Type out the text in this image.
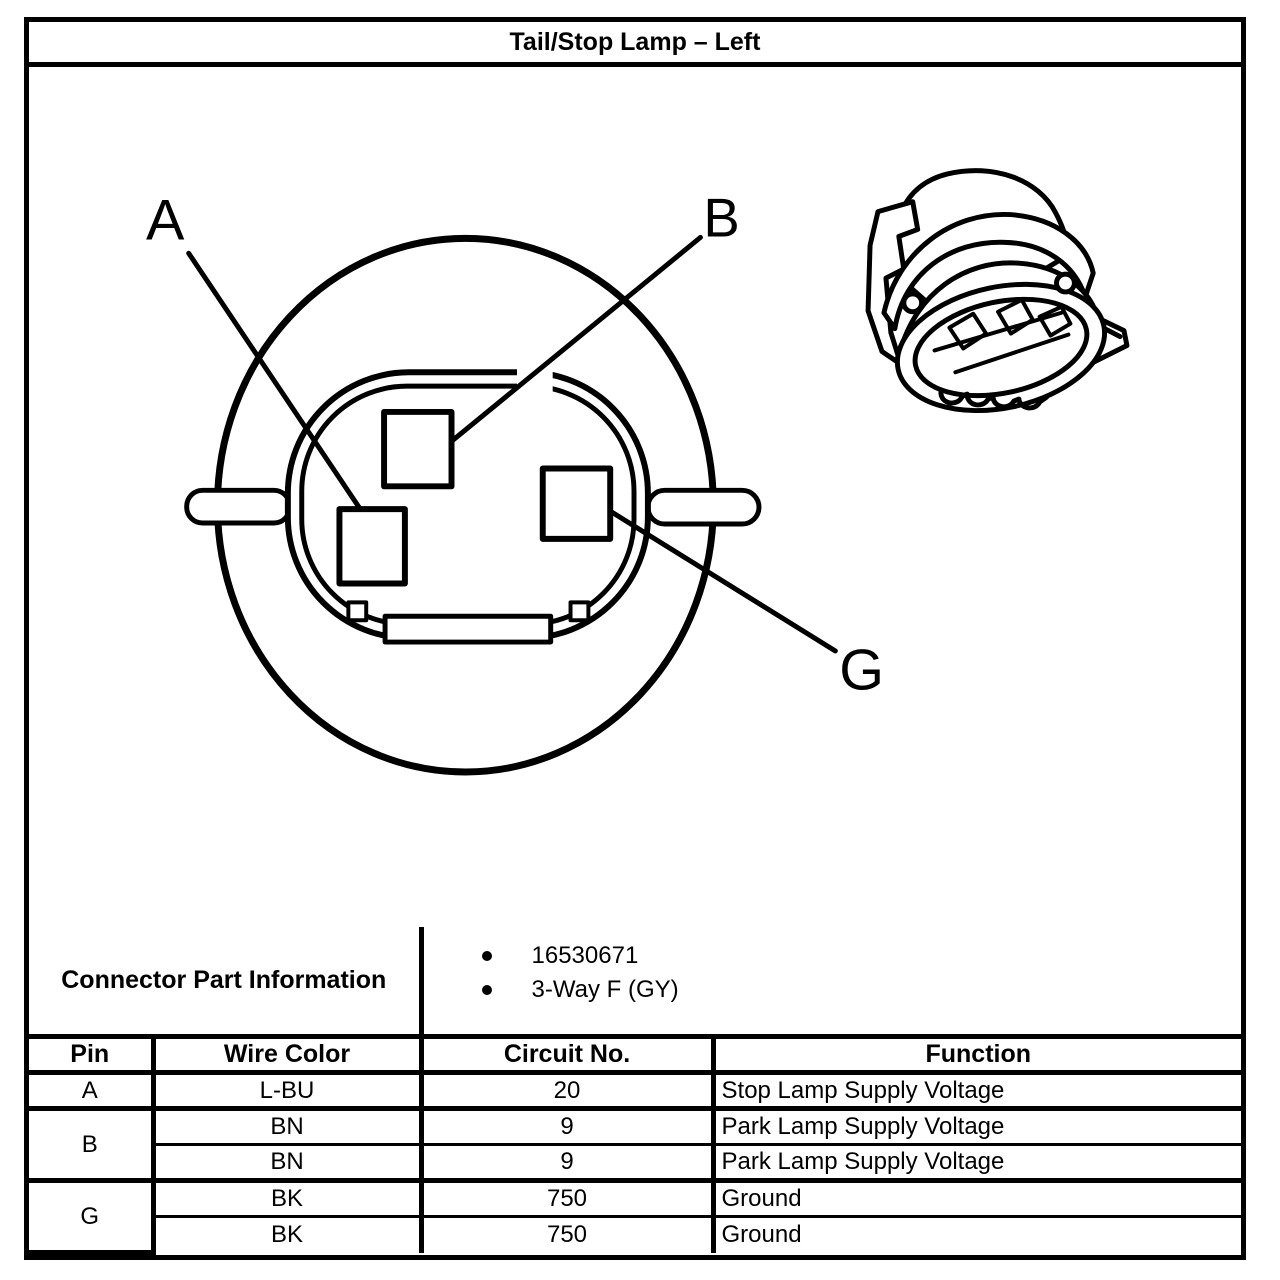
Tail/Stop Lamp – Left
A	B
G
Connector Part Information		16530671
3-Way F (GY)	

Pin	Wire Color	Circuit No.	Function
A	L-BU	20	Stop Lamp Supply Voltage
B	BN	9	Park Lamp Supply Voltage
	BN	9	Park Lamp Supply Voltage
G	BK	750	Ground
	BK	750	Ground
